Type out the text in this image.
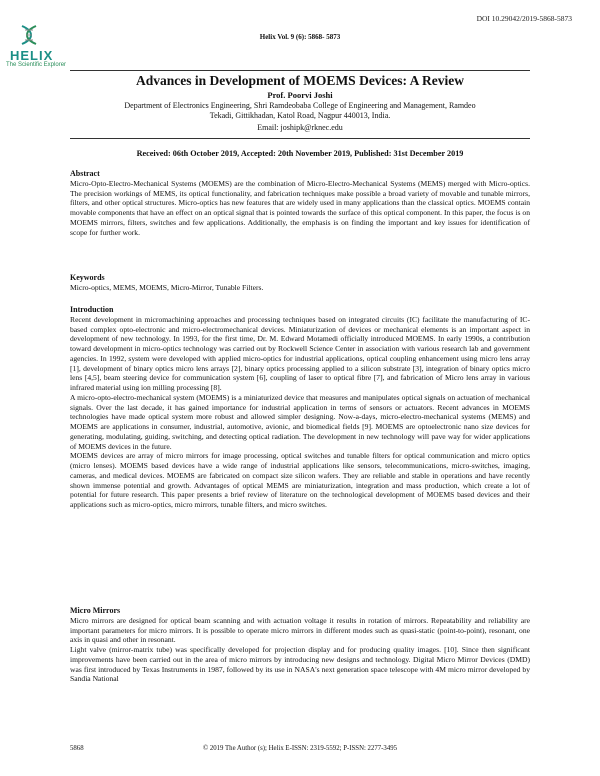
HELIX
The Scientific Explorer
DOI 10.29042/2019-5868-5873
Helix Vol. 9 (6): 5868- 5873
Advances in Development of MOEMS Devices: A Review
Prof. Poorvi Joshi
Department of Electronics Engineering, Shri Ramdeobaba College of Engineering and Management, Ramdeo
Tekadi, Gittikhadan, Katol Road, Nagpur 440013, India.
Email: joshipk@rknec.edu
Received: 06th October 2019, Accepted: 20th November 2019, Published: 31st December 2019
Abstract

Micro-Opto-Electro-Mechanical Systems (MOEMS) are the combination of Micro-Electro-Mechanical Systems (MEMS) merged with Micro-optics. The precision workings of MEMS, its optical functionality, and fabrication techniques make possible a broad variety of movable and tunable mirrors, filters, and other optical structures. Micro-optics has new features that are widely used in many applications than the classical optics. MOEMS contain movable components that have an effect on an optical signal that is pointed towards the surface of this optical component. In this paper, the focus is on MOEMS mirrors, filters, switches and few applications. Additionally, the emphasis is on finding the important and key issues for identification of scope for further work.

Keywords

Micro-optics, MEMS, MOEMS, Micro-Mirror, Tunable Filters.

Introduction

Recent development in micromachining approaches and processing techniques based on integrated circuits (IC) facilitate the manufacturing of IC-based complex opto-electronic and micro-electromechanical devices. Miniaturization of devices or mechanical elements is an important aspect in development of new technology. In 1993, for the first time, Dr. M. Edward Motamedi officially introduced MOEMS. In early 1990s, a contribution toward development in micro-optics technology was carried out by Rockwell Science Center in association with various research lab and government agencies. In 1992, system were developed with applied micro-optics for industrial applications, optical coupling enhancement using micro lens array [1], development of binary optics micro lens arrays [2], binary optics processing applied to a silicon substrate [3], integration of binary optics micro lens [4,5], beam steering device for communication system [6], coupling of laser to optical fibre [7], and fabrication of Micro lens array in various infrared material using ion milling processing [8].

A micro-opto-electro-mechanical system (MOEMS) is a miniaturized device that measures and manipulates optical signals on actuation of mechanical signals. Over the last decade, it has gained importance for industrial application in terms of sensors or actuators. Recent advances in MOEMS technologies have made optical system more robust and allowed simpler designing. Now-a-days, micro-electro-mechanical systems (MEMS) and MOEMS are applications in consumer, industrial, automotive, avionic, and biomedical fields [9]. MOEMS are optoelectronic nano size devices for generating, modulating, guiding, switching, and detecting optical radiation. The development in new technology will pave way for wider applications of MOEMS devices in the future.

MOEMS devices are array of micro mirrors for image processing, optical switches and tunable filters for optical communication and micro optics (micro lenses). MOEMS based devices have a wide range of industrial applications like sensors, telecommunications, micro-switches, imaging, cameras, and medical devices. MOEMS are fabricated on compact size silicon wafers. They are reliable and stable in operations and have recently shown immense potential and growth. Advantages of optical MEMS are miniaturization, integration and mass production, which create a lot of potential for future research. This paper presents a brief review of literature on the technological development of MOEMS based devices and their applications such as micro-optics, micro mirrors, tunable filters, and micro switches.

Micro Mirrors

Micro mirrors are designed for optical beam scanning and with actuation voltage it results in rotation of mirrors. Repeatability and reliability are important parameters for micro mirrors. It is possible to operate micro mirrors in different modes such as quasi-static (point-to-point), resonant, one axis in quasi and other in resonant.

Light valve (mirror-matrix tube) was specifically developed for projection display and for producing quality images. [10]. Since then significant improvements have been carried out in the area of micro mirrors by introducing new designs and technology. Digital Micro Mirror Devices (DMD) was first introduced by Texas Instruments in 1987, followed by its use in NASA's next generation space telescope with 4M micro mirror developed by Sandia National

5868	© 2019 The Author (s); Helix E-ISSN: 2319-5592; P-ISSN: 2277-3495
